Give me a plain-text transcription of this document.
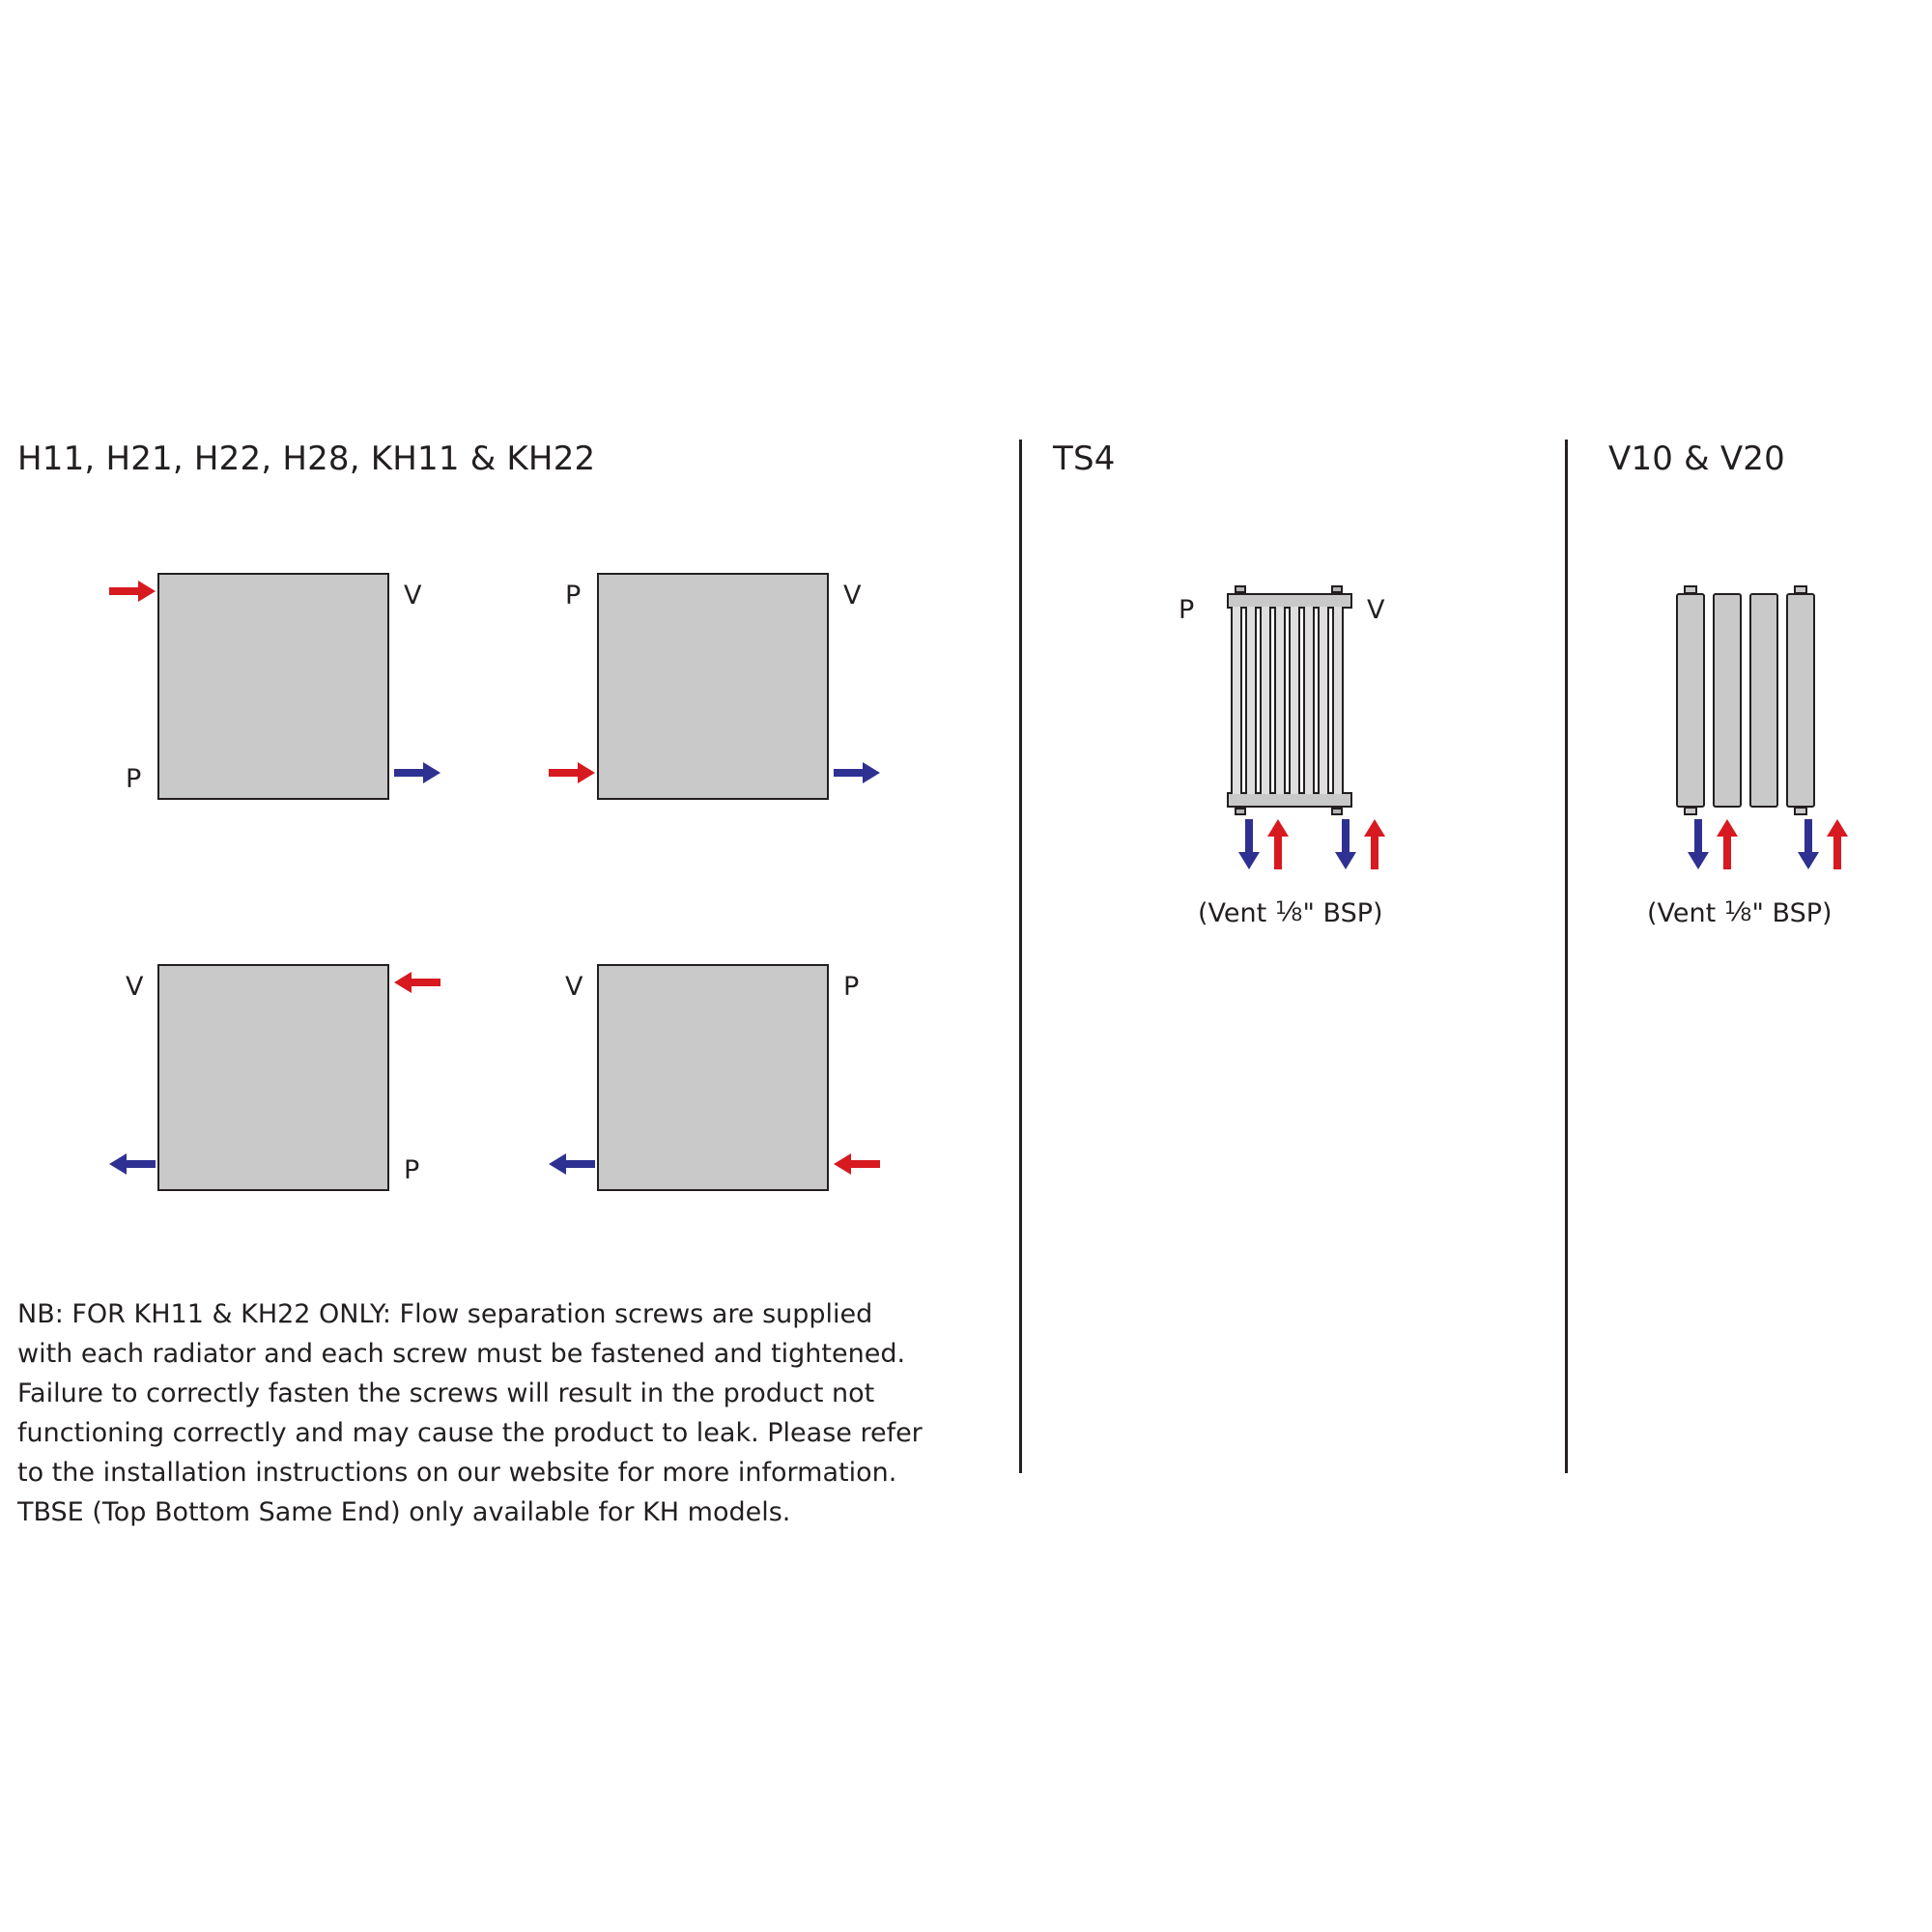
H11, H21, H22, H28, KH11 & KH22
V
P
P	V
V
P
V	P
NB: FOR KH11 & KH22 ONLY: Flow separation screws are supplied with each radiator and each screw must be fastened and tightened. Failure to correctly fasten the screws will result in the product not functioning correctly and may cause the product to leak. Please refer to the installation instructions on our website for more information. TBSE (Top Bottom Same End) only available for KH models.
TS4
P	V
(Vent $^1$⁄8" BSP)
V10 & V20
(Vent $^1$⁄8" BSP)
